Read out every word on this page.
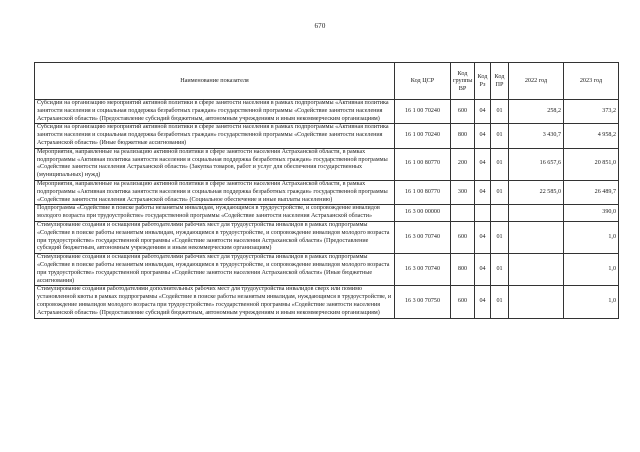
670
Наименование показателя	Код ЦСР	Код группы ВР	Код Рз	Код ПР	2022 год	2023 год
Субсидии на организацию мероприятий активной политики в сфере занятости населения в рамках подпрограммы «Активная политика занятости населения и социальная поддержка безработных граждан» государственной программы «Содействие занятости населения Астраханской области» (Предоставление субсидий бюджетным, автономным учреждениям и иным некоммерческим организациям)	16 1 00 70240	600	04	01	258,2	373,2
Субсидии на организацию мероприятий активной политики в сфере занятости населения в рамках подпрограммы «Активная политика занятости населения и социальная поддержка безработных граждан» государственной программы «Содействие занятости населения Астраханской области» (Иные бюджетные ассигнования)	16 1 00 70240	800	04	01	3 430,7	4 958,2
Мероприятия, направленные на реализацию активной политики в сфере занятости населения Астраханской области, в рамках подпрограммы «Активная политика занятости населения и социальная поддержка безработных граждан» государственной программы «Содействие занятости населения Астраханской области» (Закупка товаров, работ и услуг для обеспечения государственных (муниципальных) нужд)	16 1 00 80770	200	04	01	16 657,6	20 851,0
Мероприятия, направленные на реализацию активной политики в сфере занятости населения Астраханской области, в рамках подпрограммы «Активная политика занятости населения и социальная поддержка безработных граждан» государственной программы «Содействие занятости населения Астраханской области» (Социальное обеспечение и иные выплаты населению)	16 1 00 80770	300	04	01	22 585,0	26 489,7
Подпрограмма «Содействие в поиске работы незанятым инвалидам, нуждающимся в трудоустройстве, и сопровождение инвалидов молодого возраста при трудоустройстве» государственной программы «Содействие занятости населения Астраханской области»	16 3 00 00000					390,0
Стимулирование создания и оснащения работодателями рабочих мест для трудоустройства инвалидов в рамках подпрограммы «Содействие в поиске работы незанятым инвалидам, нуждающимся в трудоустройстве, и сопровождение инвалидов молодого возраста при трудоустройстве» государственной программы «Содействие занятости населения Астраханской области» (Предоставление субсидий бюджетным, автономным учреждениям и иным некоммерческим организациям)	16 3 00 70740	600	04	01		1,0
Стимулирование создания и оснащения работодателями рабочих мест для трудоустройства инвалидов в рамках подпрограммы «Содействие в поиске работы незанятым инвалидам, нуждающимся в трудоустройстве, и сопровождение инвалидов молодого возраста при трудоустройстве» государственной программы «Содействие занятости населения Астраханской области» (Иные бюджетные ассигнования)	16 3 00 70740	800	04	01		1,0
Стимулирование создания работодателями дополнительных рабочих мест для трудоустройства инвалидов сверх или помимо установленной квоты в рамках подпрограммы «Содействие в поиске работы незанятым инвалидам, нуждающимся в трудоустройстве, и сопровождение инвалидов молодого возраста при трудоустройстве» государственной программы «Содействие занятости населения Астраханской области» (Предоставление субсидий бюджетным, автономным учреждениям и иным некоммерческим организациям)	16 3 00 70750	600	04	01		1,0
